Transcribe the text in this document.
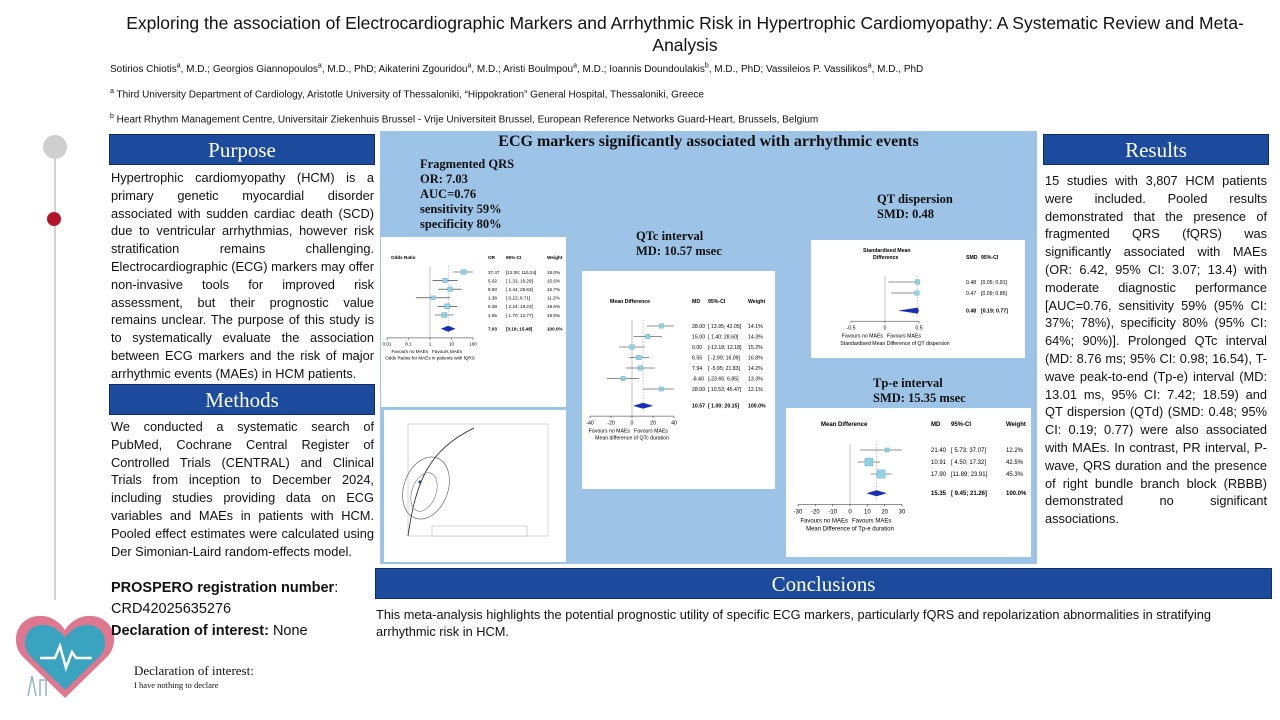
Exploring the association of Electrocardiographic Markers and Arrhythmic Risk in Hypertrophic Cardiomyopathy: A Systematic Review and Meta-Analysis
Sotirios Chiotis$^a$, M.D.; Georgios Giannopoulos$^a$, M.D., PhD; Aikaterini Zgouridou$^a$, M.D.; Aristi Boulmpou$^a$, M.D.; Ioannis Doundoulakis$^b$, M.D., PhD; Vassileios P. Vassilikos$^a$, M.D., PhD
$^a$ Third University Department of Cardiology, Aristotle University of Thessaloniki, “Hippokration” General Hospital, Thessaloniki, Greece
$^b$ Heart Rhythm Management Centre, Universitair Ziekenhuis Brussel - Vrije Universiteit Brussel, European Reference Networks Guard-Heart, Brussels, Belgium
Purpose
Hypertrophic cardiomyopathy (HCM) is a primary genetic myocardial disorder associated with sudden cardiac death (SCD) due to ventricular arrhythmias, however risk stratification remains challenging. Electrocardiographic (ECG) markers may offer non-invasive tools for improved risk assessment, but their prognostic value remains unclear. The purpose of this study is to systematically evaluate the association between ECG markers and the risk of major arrhythmic events (MAEs) in HCM patients.
Methods
We conducted a systematic search of PubMed, Cochrane Central Register of Controlled Trials (CENTRAL) and Clinical Trials from inception to December 2024, including studies providing data on ECG variables and MAEs in patients with HCM. Pooled effect estimates were calculated using Der Simonian-Laird random-effects model.
PROSPERO registration number:
CRD42025635276
Declaration of interest: None
Declaration of interest:
I have nothing to declare
ECG markers significantly associated with arrhythmic events
Fragmented QRS
OR: 7.03
AUC=0.76
sensitivity 59%
specificity 80%
QTc interval
MD: 10.57 msec
QT dispersion
SMD: 0.48
Tp-e interval
SMD: 15.35 msec
Odds Ratio	OR 95%-CI	Weight
37.47 [12.08; 116.24] 18.0%
5.02 [ 1.31; 19.29]	15.6%
8.50 [ 2.44; 29.63]	16.7%
1.38 [ 0.22; 8.71]	11.2%
6.39 [ 2.24; 18.23]	19.6%
4.65 [ 1.70; 12.77]	19.5%
7.03 [3.19; 15.48]	100.0%
0.01	0.1	1	10	100
Favours no MAEs Favours MAEs
Odds Ratios for MAEs in patients with fQRS
Mean Difference	MD 95%-CI	Weight
28.00 [ 13.95; 42.05] 14.1%
15.00 [ 1.40; 28.60] 14.3%
0.00 [-12.18; 12.18] 15.2%
6.55 [ -2.99; 16.09] 16.8%
7.94 [ -5.95; 21.83] 14.2%
-8.40 [-23.65; 6.85] 13.3%
28.00 [ 10.53; 45.47] 12.1%
10.57 [ 1.00; 20.15] 100.0%
-40	-20	0	20	40
Favours no MAEs Favours MAEs
Mean difference of QTc duration
Standardised Mean
Difference	SMD 95%-CI
0.48 [0.05; 0.91]
0.47 [0.09; 0.86]
0.48 [0.19; 0.77]
-0.5	0	0.5
Favours no MAEs Favours MAEs
Standardised Mean Difference of QT dispersion
Mean Difference	MD 95%-CI	Weight
21.40 [ 5.73; 37.07]	12.2%
10.91 [ 4.50; 17.32]	42.5%
17.90 [11.89; 23.91]	45.3%
15.35 [ 9.45; 21.26]	100.0%
-30 -20 -10 0 10 20 30
Favours no MAEs Favours MAEs
Mean Difference of Tp-e duration
Results
15 studies with 3,807 HCM patients were included. Pooled results demonstrated that the presence of fragmented QRS (fQRS) was significantly associated with MAEs (OR: 6.42, 95% CI: 3.07; 13.4) with moderate diagnostic performance [AUC=0.76, sensitivity 59% (95% CI: 37%; 78%), specificity 80% (95% CI: 64%; 90%)]. Prolonged QTc interval (MD: 8.76 ms; 95% CI: 0.98; 16.54), T-wave peak-to-end (Tp-e) interval (MD: 13.01 ms, 95% CI: 7.42; 18.59) and QT dispersion (QTd) (SMD: 0.48; 95% CI: 0.19; 0.77) were also associated with MAEs. In contrast, PR interval, P-wave, QRS duration and the presence of right bundle branch block (RBBB) demonstrated no significant associations.
Conclusions
This meta-analysis highlights the potential prognostic utility of specific ECG markers, particularly fQRS and repolarization abnormalities in stratifying arrhythmic risk in HCM.
